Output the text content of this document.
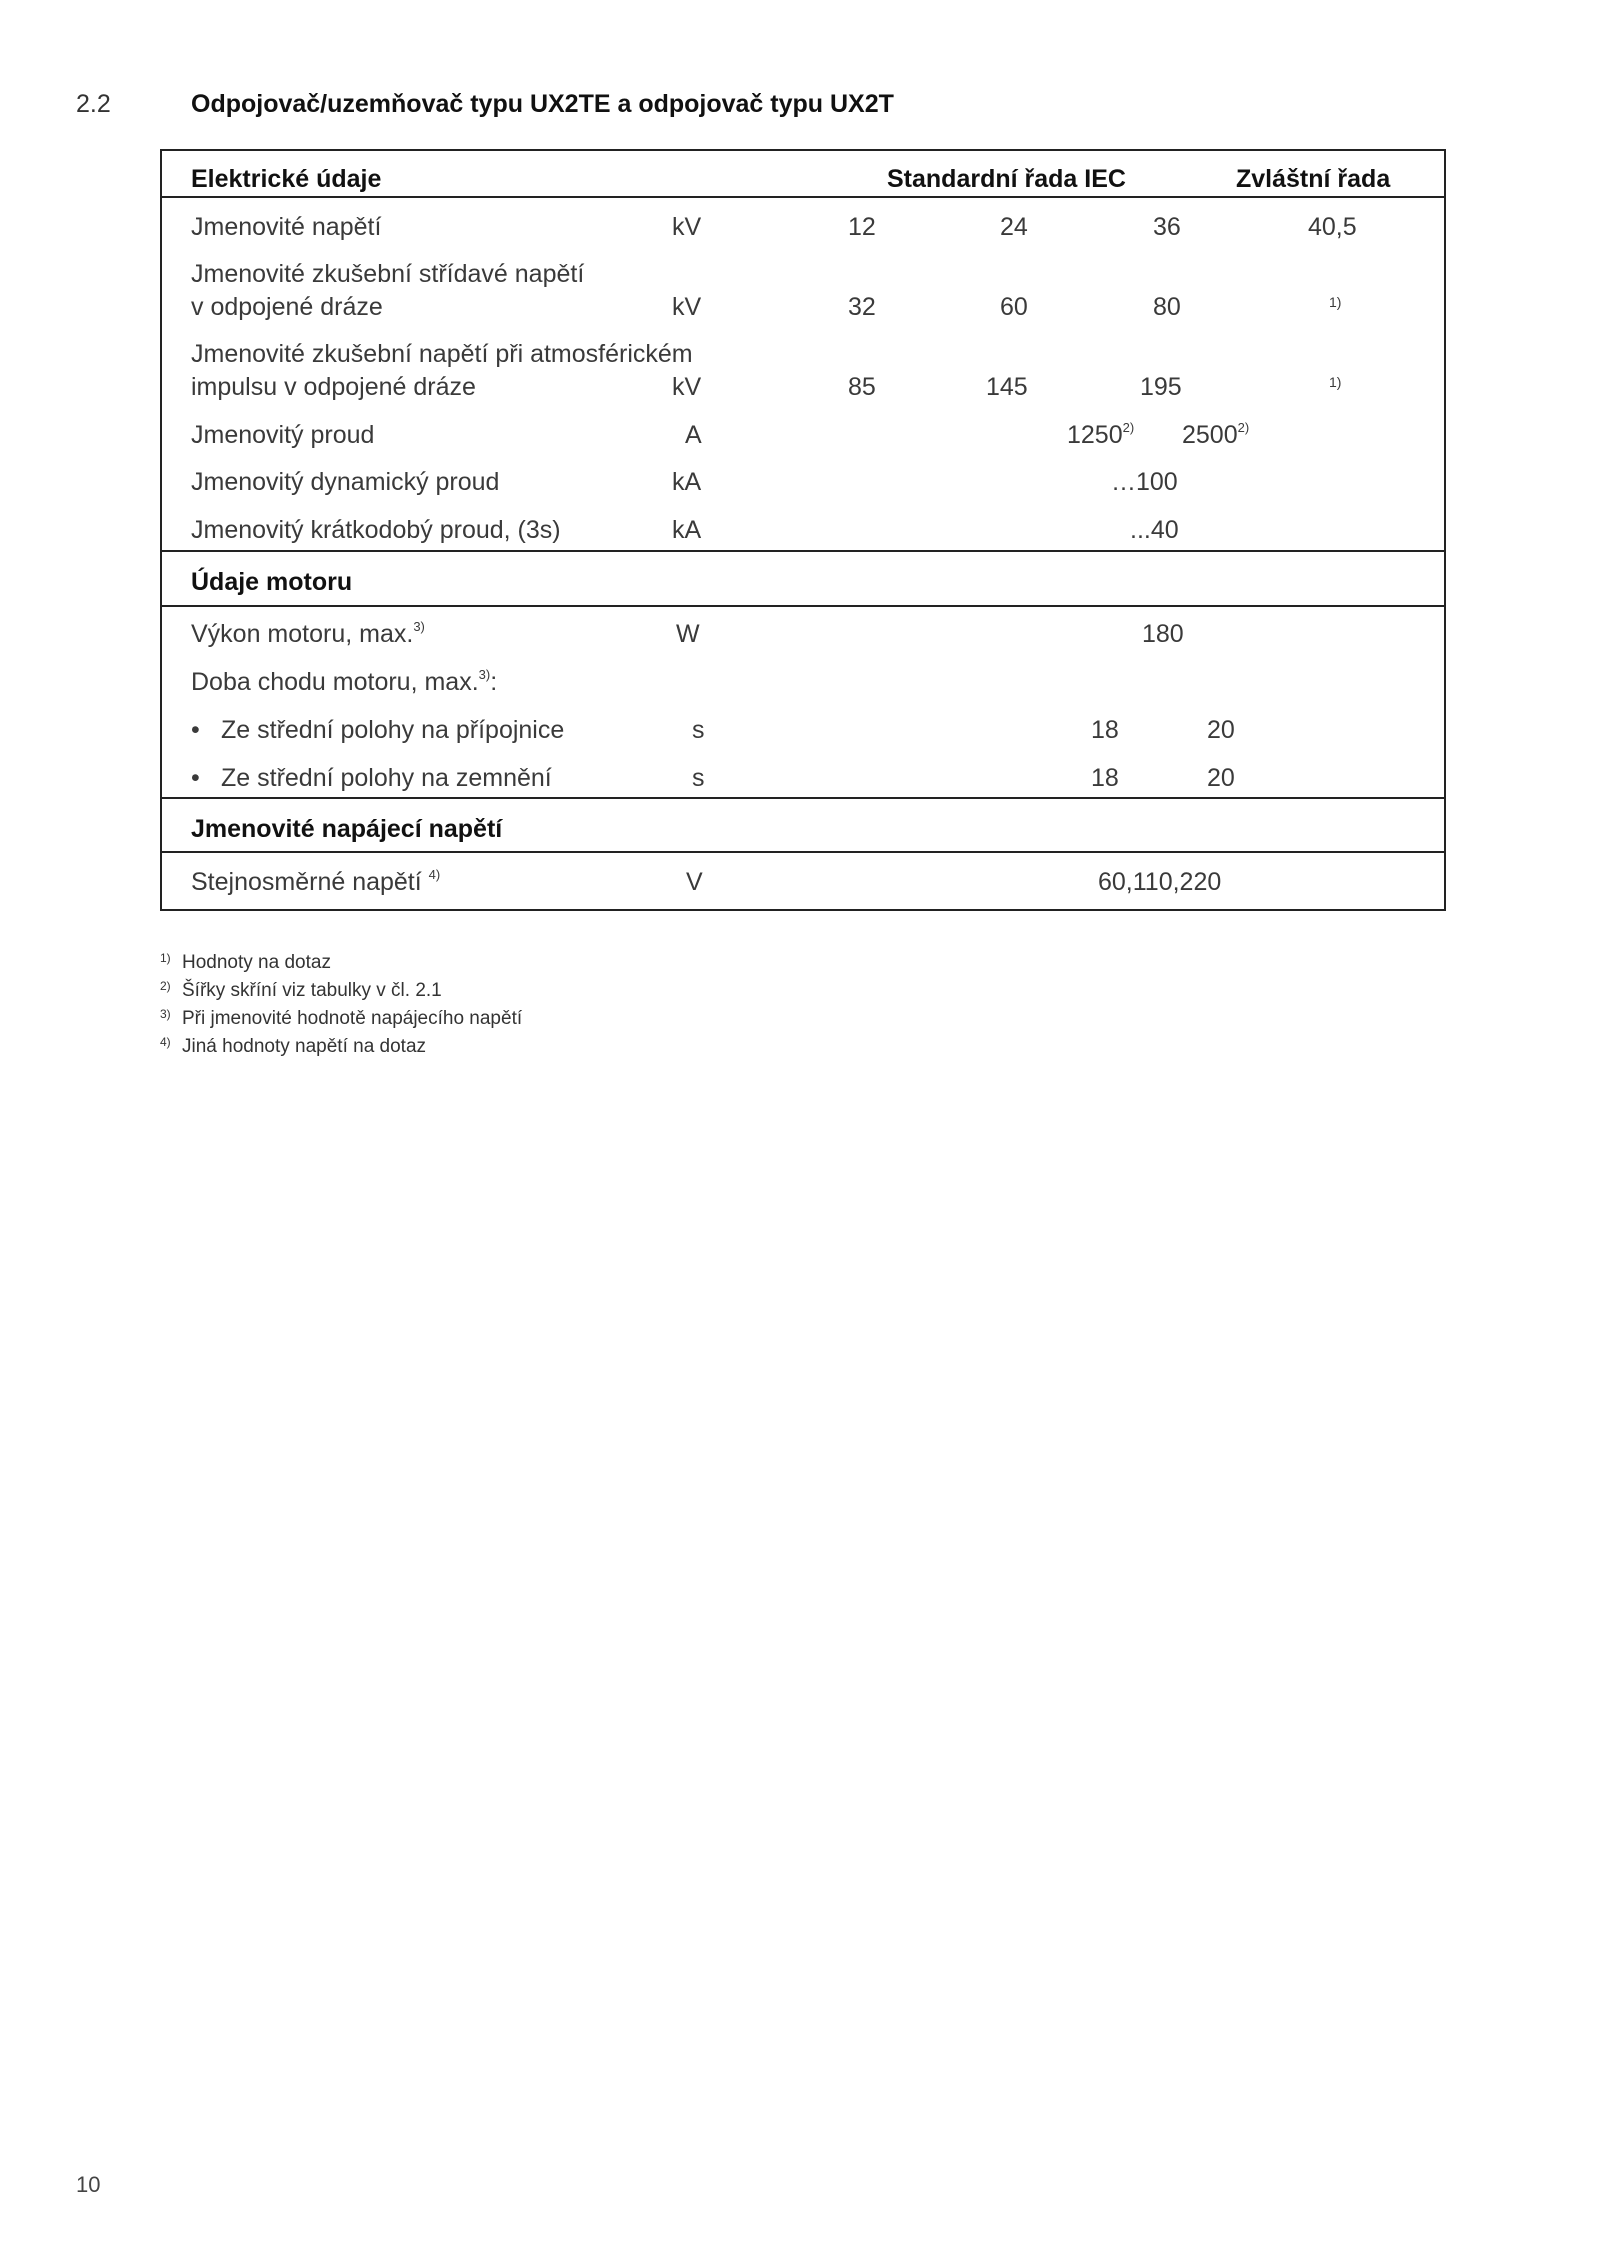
2.2	Odpojovač/uzemňovač typu UX2TE a odpojovač typu UX2T
Elektrické údaje	Standardní řada IEC	Zvláštní řada
Jmenovité napětí	kV	12	24	36	40,5
Jmenovité zkušební střídavé napětí
v odpojené dráze	kV	32	60	80	1)
Jmenovité zkušební napětí při atmosférickém
impulsu v odpojené dráze	kV	85	145	195	1)
Jmenovitý proud	A	1250$^{2)}$ 2500$^{2)}$
Jmenovitý dynamický proud	kA	…100
Jmenovitý krátkodobý proud, (3s)	kA	...40
Údaje motoru
Výkon motoru, max.$^{3)}$	W	180
Doba chodu motoru, max.$^{3)}$:
• Ze střední polohy na přípojnice	s	18	20
• Ze střední polohy na zemnění	s	18	20
Jmenovité napájecí napětí
Stejnosměrné napětí $^{4)}$	V	60,110,220
1) Hodnoty na dotaz
2) Šířky skříní viz tabulky v čl. 2.1
3) Při jmenovité hodnotě napájecího napětí
4) Jiná hodnoty napětí na dotaz
10
